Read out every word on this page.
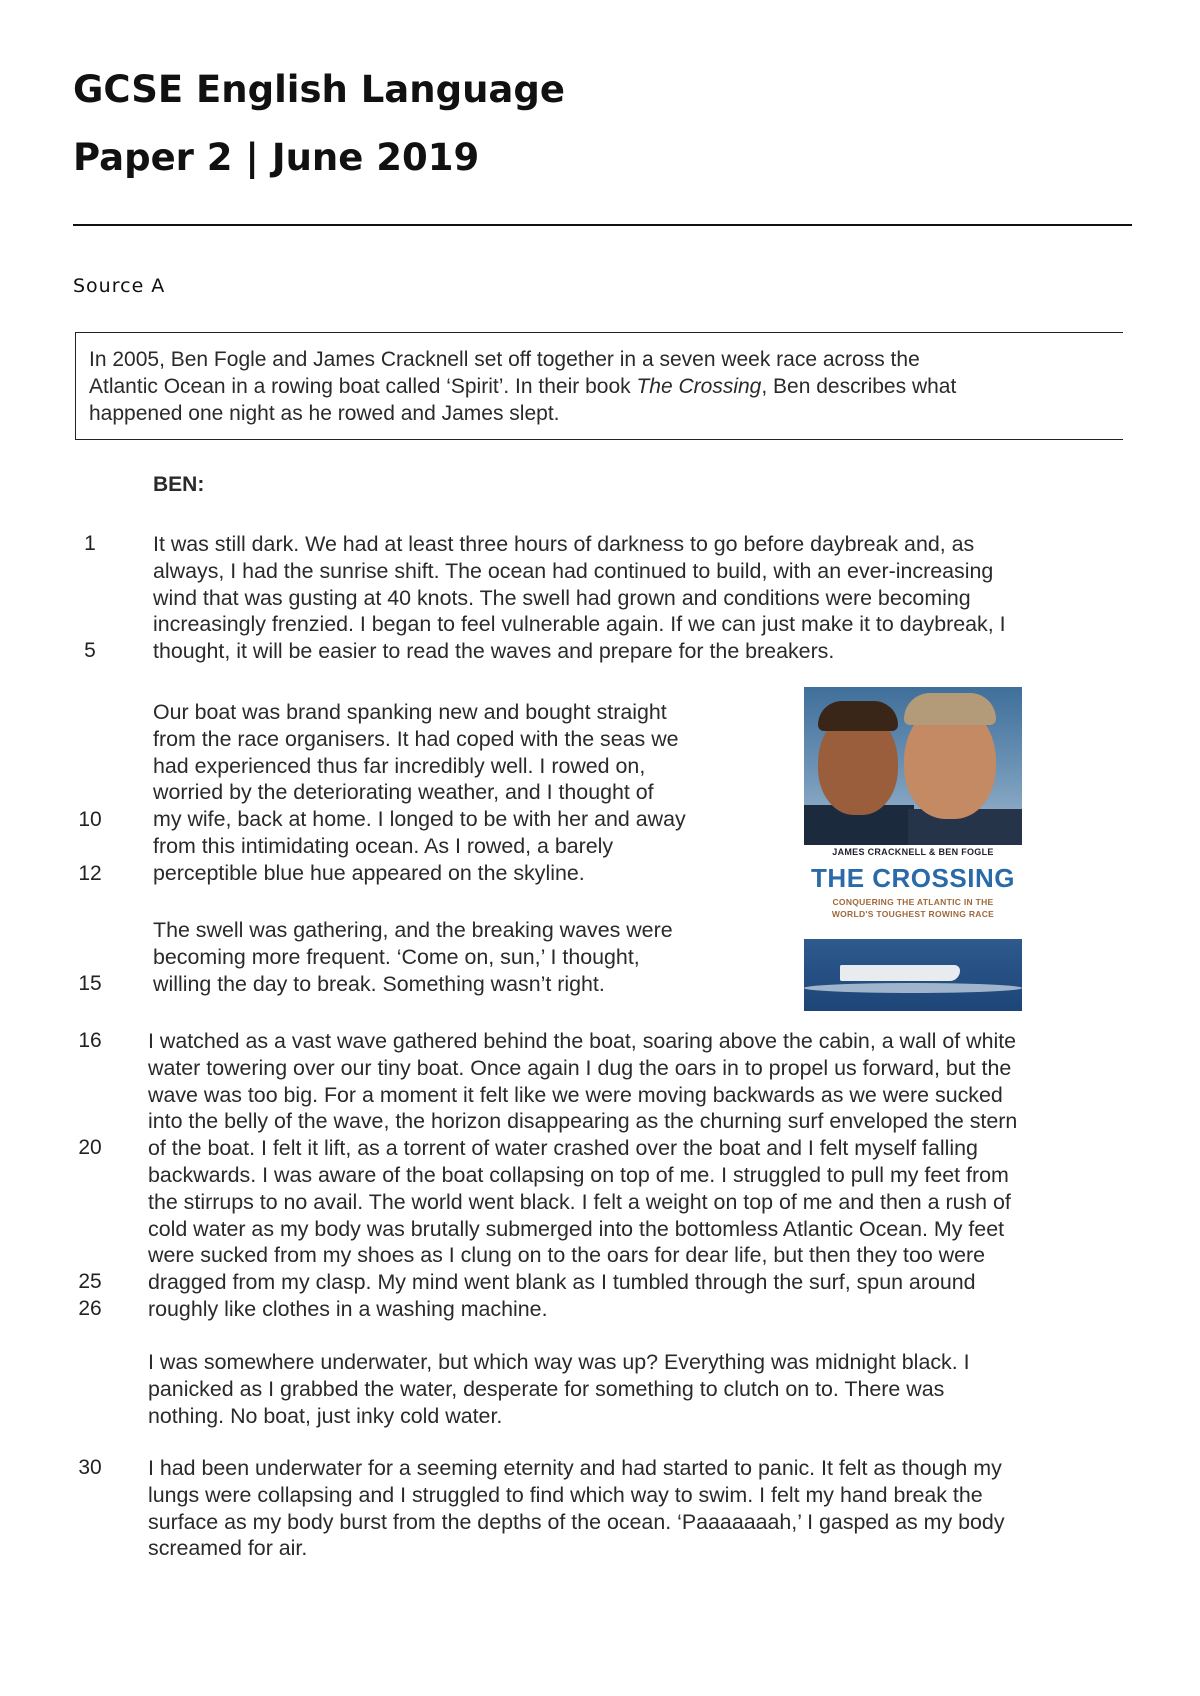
GCSE English Language
Paper 2 | June 2019
Source A
In 2005, Ben Fogle and James Cracknell set off together in a seven week race across the
Atlantic Ocean in a rowing boat called ‘Spirit’. In their book The Crossing, Ben describes what
happened one night as he rowed and James slept.
BEN:
1
5
10
12
15
16
20
25
26
30
It was still dark. We had at least three hours of darkness to go before daybreak and, as
always, I had the sunrise shift. The ocean had continued to build, with an ever-increasing
wind that was gusting at 40 knots. The swell had grown and conditions were becoming
increasingly frenzied. I began to feel vulnerable again. If we can just make it to daybreak, I
thought, it will be easier to read the waves and prepare for the breakers.
Our boat was brand spanking new and bought straight
from the race organisers. It had coped with the seas we
had experienced thus far incredibly well. I rowed on,
worried by the deteriorating weather, and I thought of
my wife, back at home. I longed to be with her and away
from this intimidating ocean. As I rowed, a barely
perceptible blue hue appeared on the skyline.
The swell was gathering, and the breaking waves were
becoming more frequent. ‘Come on, sun,’ I thought,
willing the day to break. Something wasn’t right.
JAMES CRACKNELL & BEN FOGLE
THE CROSSING
CONQUERING THE ATLANTIC IN THE
WORLD'S TOUGHEST ROWING RACE
I watched as a vast wave gathered behind the boat, soaring above the cabin, a wall of white
water towering over our tiny boat. Once again I dug the oars in to propel us forward, but the
wave was too big. For a moment it felt like we were moving backwards as we were sucked
into the belly of the wave, the horizon disappearing as the churning surf enveloped the stern
of the boat. I felt it lift, as a torrent of water crashed over the boat and I felt myself falling
backwards. I was aware of the boat collapsing on top of me. I struggled to pull my feet from
the stirrups to no avail. The world went black. I felt a weight on top of me and then a rush of
cold water as my body was brutally submerged into the bottomless Atlantic Ocean. My feet
were sucked from my shoes as I clung on to the oars for dear life, but then they too were
dragged from my clasp. My mind went blank as I tumbled through the surf, spun around
roughly like clothes in a washing machine.
I was somewhere underwater, but which way was up? Everything was midnight black. I
panicked as I grabbed the water, desperate for something to clutch on to. There was
nothing. No boat, just inky cold water.
I had been underwater for a seeming eternity and had started to panic. It felt as though my
lungs were collapsing and I struggled to find which way to swim. I felt my hand break the
surface as my body burst from the depths of the ocean. ‘Paaaaaaah,’ I gasped as my body
screamed for air.
